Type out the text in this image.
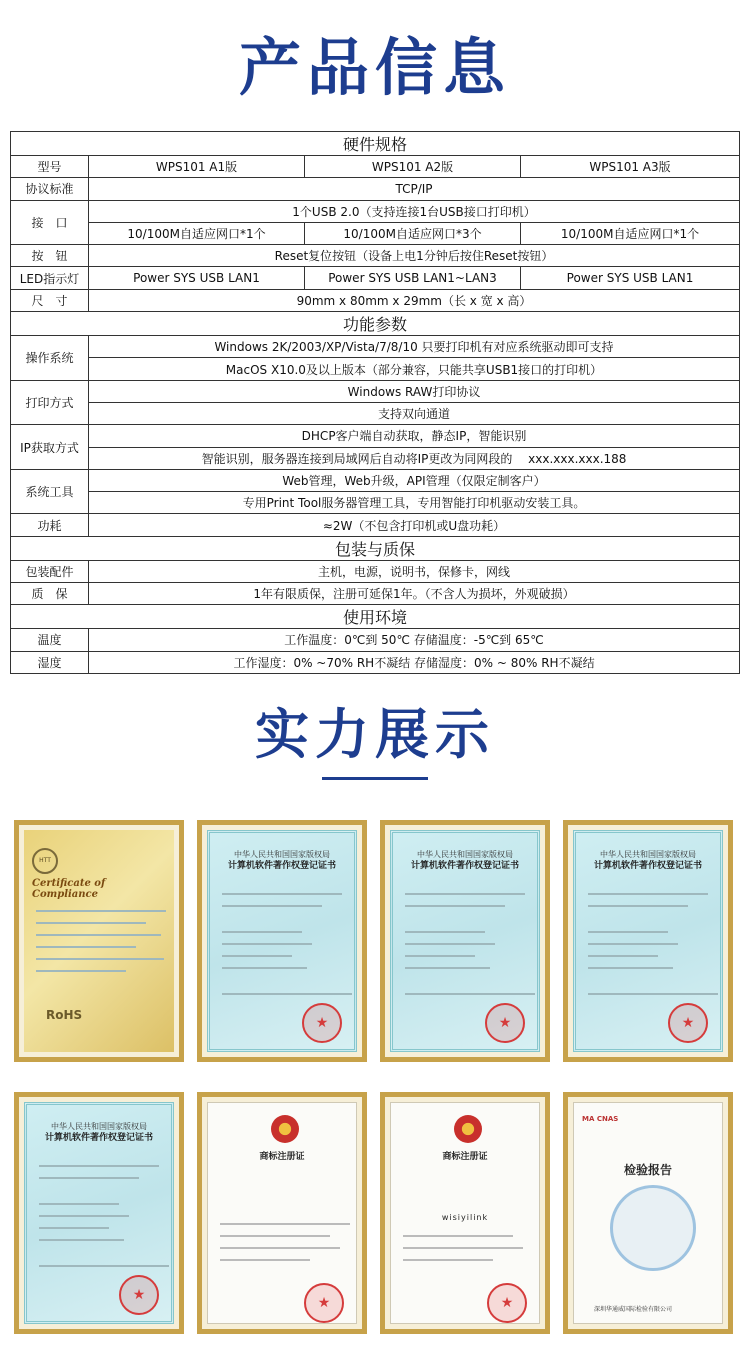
产品信息
硬件规格			
型号	WPS101 A1版	WPS101 A2版	WPS101 A3版
协议标准	TCP/IP		
接　口	1个USB 2.0（支持连接1台USB接口打印机）		
	10/100M自适应网口*1个	10/100M自适应网口*3个	10/100M自适应网口*1个
按　钮	Reset复位按钮（设备上电1分钟后按住Reset按钮）		
LED指示灯	Power SYS USB LAN1	Power SYS USB LAN1~LAN3	Power SYS USB LAN1
尺　寸	90mm x 80mm x 29mm（长 x 宽 x 高）		
功能参数			
操作系统	Windows 2K/2003/XP/Vista/7/8/10 只要打印机有对应系统驱动即可支持		
	MacOS X10.0及以上版本（部分兼容，只能共享USB1接口的打印机）		
打印方式	Windows RAW打印协议		
	支持双向通道		
IP获取方式	DHCP客户端自动获取，静态IP，智能识别		
	智能识别，服务器连接到局域网后自动将IP更改为同网段的　 xxx.xxx.xxx.188		
系统工具	Web管理，Web升级，API管理（仅限定制客户）		
	专用Print Tool服务器管理工具，专用智能打印机驱动安装工具。		
功耗	≈2W（不包含打印机或U盘功耗）		
包装与质保			
包装配件	主机，电源，说明书，保修卡，网线		
质　保	1年有限质保，注册可延保1年。（不含人为损坏，外观破损）		
使用环境			
温度	工作温度：0℃到 50℃ 存储温度：-5℃到 65℃		
湿度	工作湿度：0% ~70% RH不凝结 存储湿度：0% ~ 80% RH不凝结		
实力展示
HTT
Certificate of Compliance
RoHS
中华人民共和国国家版权局
计算机软件著作权登记证书
★
中华人民共和国国家版权局
计算机软件著作权登记证书
★
中华人民共和国国家版权局
计算机软件著作权登记证书
★
中华人民共和国国家版权局
计算机软件著作权登记证书
★
商标注册证
★	商标注册证
wisiyilink
★
MA CNAS
检验报告
深圳华通威国际检验有限公司
